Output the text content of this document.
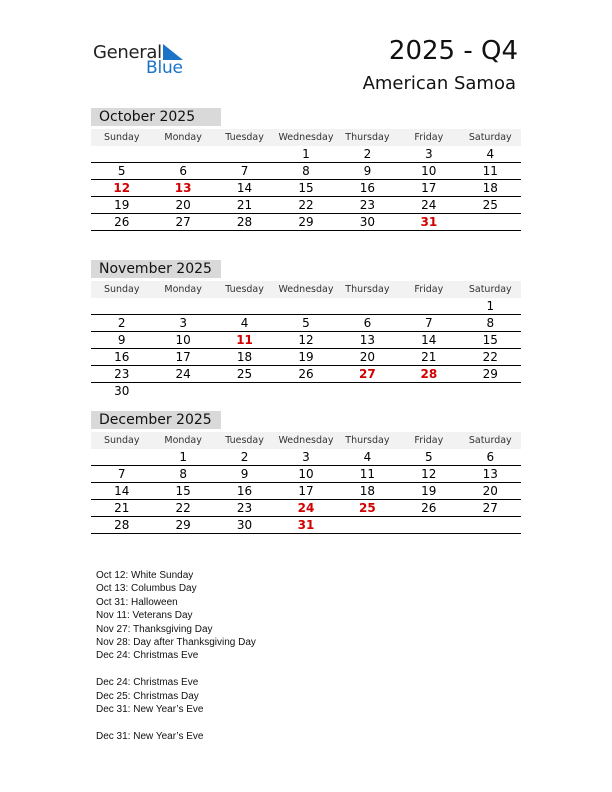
General
Blue
2025 - Q4
American Samoa
October 2025
Sunday	Monday	Tuesday	Wednesday	Thursday	Friday	Saturday
			1	2	3	4
5	6	7	8	9	10	11
12	13	14	15	16	17	18
19	20	21	22	23	24	25
26	27	28	29	30	31	
November 2025
Sunday	Monday	Tuesday	Wednesday	Thursday	Friday	Saturday
						1
2	3	4	5	6	7	8
9	10	11	12	13	14	15
16	17	18	19	20	21	22
23	24	25	26	27	28	29
30						
December 2025
Sunday	Monday	Tuesday	Wednesday	Thursday	Friday	Saturday
	1	2	3	4	5	6
7	8	9	10	11	12	13
14	15	16	17	18	19	20
21	22	23	24	25	26	27
28	29	30	31			
Oct 12: White Sunday
Oct 13: Columbus Day
Oct 31: Halloween
Nov 11: Veterans Day
Nov 27: Thanksgiving Day
Nov 28: Day after Thanksgiving Day
Dec 24: Christmas Eve
Dec 24: Christmas Eve
Dec 25: Christmas Day
Dec 31: New Year’s Eve
Dec 31: New Year’s Eve
